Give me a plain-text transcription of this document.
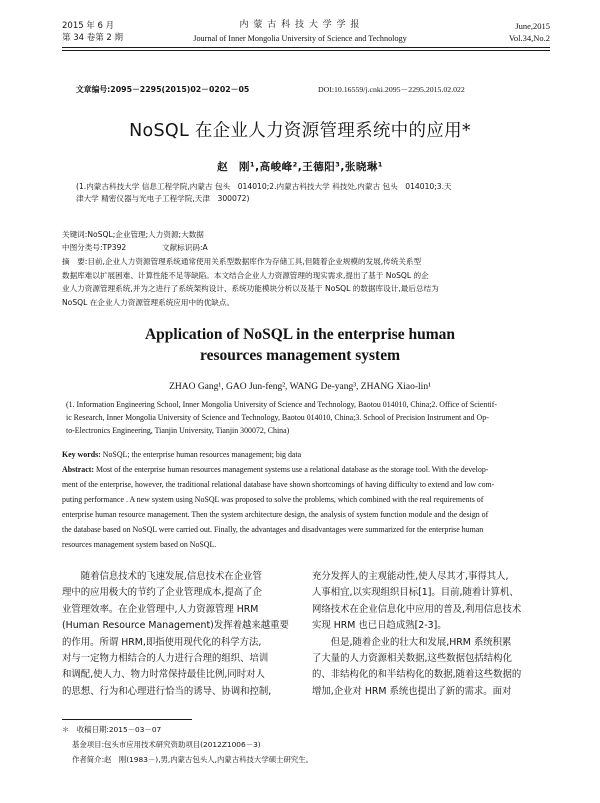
2015 年 6 月
第 34 卷第 2 期
内 蒙 古 科 技 大 学 学 报
Journal of Inner Mongolia University of Science and Technology
June,2015
Vol.34,No.2
文章编号:2095－2295(2015)02－0202－05	DOI:10.16559/j.cnki.2095－2295.2015.02.022
NoSQL 在企业人力资源管理系统中的应用*
赵　刚¹,高峻峰²,王德阳³,张晓琳¹
(1.内蒙古科技大学 信息工程学院,内蒙古 包头　014010;2.内蒙古科技大学 科技处,内蒙古 包头　014010;3.天
津大学 精密仪器与光电子工程学院,天津　300072)
关键词:NoSQL;企业管理;人力资源;大数据
中图分类号:TP392	文献标识码:A
摘　要:目前,企业人力资源管理系统通常使用关系型数据库作为存储工具,但随着企业规模的发展,传统关系型
数据库难以扩展困难、计算性能不足等缺陷。本文结合企业人力资源管理的现实需求,提出了基于 NoSQL 的企
业人力资源管理系统,并为之进行了系统架构设计、系统功能模块分析以及基于 NoSQL 的数据库设计,最后总结为
NoSQL 在企业人力资源管理系统应用中的优缺点。
Application of NoSQL in the enterprise human
resources management system
ZHAO Gang¹, GAO Jun-feng², WANG De-yang³, ZHANG Xiao-lin¹
(1. Information Engineering School, Inner Mongolia University of Science and Technology, Baotou 014010, China;2. Office of Scientif-
ic Research, Inner Mongolia University of Science and Technology, Baotou 014010, China;3. School of Precision Instrument and Op-
to-Electronics Engineering, Tianjin University, Tianjin 300072, China)
Key words: NoSQL; the enterprise human resources management; big data
Abstract: Most of the enterprise human resources management systems use a relational database as the storage tool. With the develop-
ment of the enterprise, however, the traditional relational database have shown shortcomings of having difficulty to extend and low com-
puting performance . A new system using NoSQL was proposed to solve the problems, which combined with the real requirements of
enterprise human resource management. Then the system architecture design, the analysis of system function module and the design of
the database based on NoSQL were carried out. Finally, the advantages and disadvantages were summarized for the enterprise human
resources management system based on NoSQL.

　　随着信息技术的飞速发展,信息技术在企业管

理中的应用极大的节约了企业管理成本,提高了企

业管理效率。在企业管理中,人力资源管理 HRM

(Human Resource Management)发挥着越来越重要

的作用。所谓 HRM,即指使用现代化的科学方法,

对与一定物力相结合的人力进行合理的组织、培训

和调配,使人力、物力时常保持最佳比例,同时对人

的思想、行为和心理进行恰当的诱导、协调和控制,

充分发挥人的主观能动性,使人尽其才,事得其人,

人事相宜,以实现组织目标[1]。目前,随着计算机、

网络技术在企业信息化中应用的普及,利用信息技术

实现 HRM 也已日趋成熟[2-3]。

　　但是,随着企业的壮大和发展,HRM 系统积累

了大量的人力资源相关数据,这些数据包括结构化

的、非结构化的和半结构化的数据,随着这些数据的

增加,企业对 HRM 系统也提出了新的需求。面对

＊　收稿日期:2015－03－07
基金项目:包头市应用技术研究资助项目(2012Z1006－3)
作者简介:赵　刚(1983－),男,内蒙古包头人,内蒙古科技大学硕士研究生。
